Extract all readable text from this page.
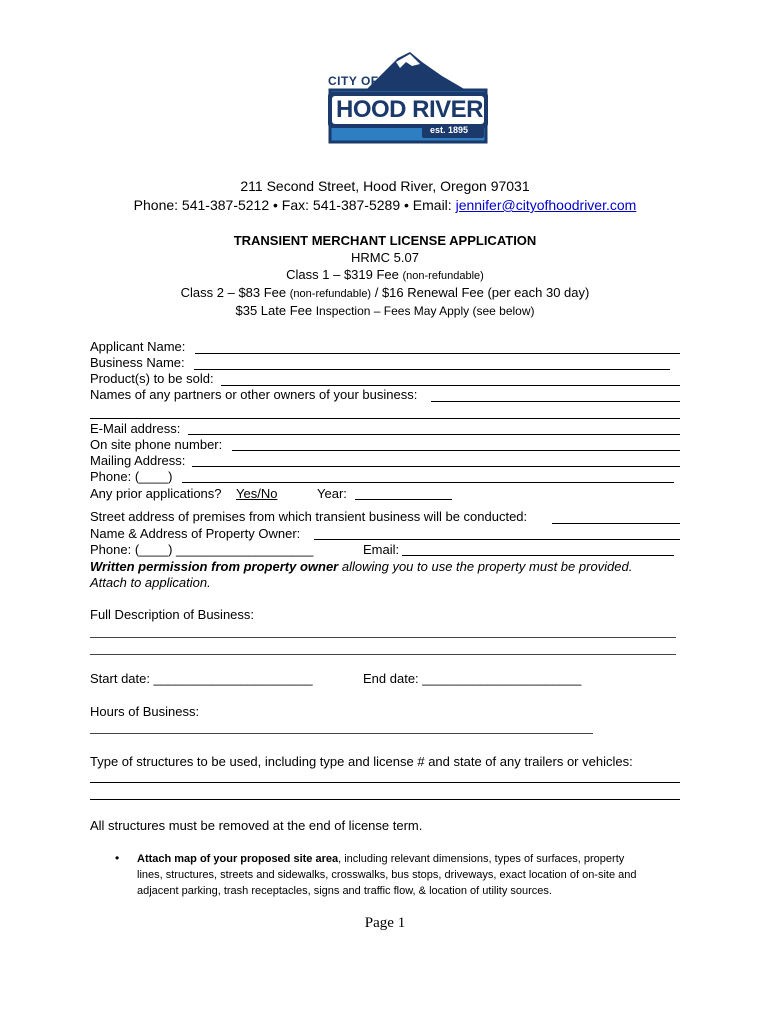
CITY OF
HOOD RIVER
est. 1895
211 Second Street, Hood River, Oregon 97031
Phone: 541-387-5212 • Fax: 541-387-5289 • Email: jennifer@cityofhoodriver.com
TRANSIENT MERCHANT LICENSE APPLICATION
HRMC 5.07
Class 1 – $319 Fee (non-refundable)
Class 2 – $83 Fee (non-refundable) / $16 Renewal Fee (per each 30 day)
$35 Late Fee Inspection – Fees May Apply (see below)
Applicant Name:
Business Name:
Product(s) to be sold:
Names of any partners or other owners of your business:
E-Mail address:
On site phone number:
Mailing Address:
Phone: (____)
Any prior applications? Yes/No	Year:
Street address of premises from which transient business will be conducted:
Name & Address of Property Owner:
Phone: (____) ___________________	Email:
Written permission from property owner allowing you to use the property must be provided.
Attach to application.
Full Description of Business:
Start date: ______________________	End date: ______________________
Hours of Business:
Type of structures to be used, including type and license # and state of any trailers or vehicles:
All structures must be removed at the end of license term.
• Attach map of your proposed site area, including relevant dimensions, types of surfaces, property
lines, structures, streets and sidewalks, crosswalks, bus stops, driveways, exact location of on-site and
adjacent parking, trash receptacles, signs and traffic flow, & location of utility sources.
Page 1
